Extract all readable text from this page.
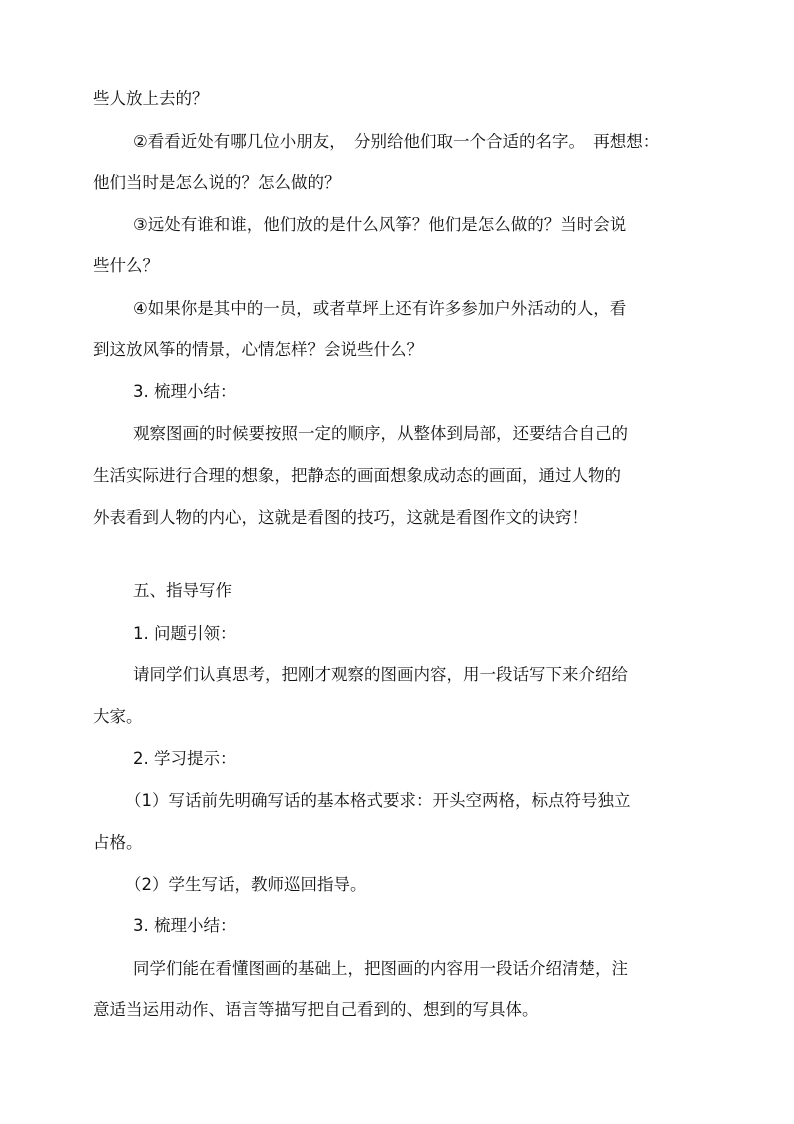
些人放上去的？

②看看近处有哪几位小朋友，　分别给他们取一个合适的名字。　再想想：

他们当时是怎么说的？怎么做的？

③远处有谁和谁，他们放的是什么风筝？他们是怎么做的？当时会说

些什么？

④如果你是其中的一员，或者草坪上还有许多参加户外活动的人，看

到这放风筝的情景，心情怎样？会说些什么？

3. 梳理小结：

观察图画的时候要按照一定的顺序，从整体到局部，还要结合自己的

生活实际进行合理的想象，把静态的画面想象成动态的画面，通过人物的

外表看到人物的内心，这就是看图的技巧，这就是看图作文的诀窍！

五、指导写作

1. 问题引领：

请同学们认真思考，把刚才观察的图画内容，用一段话写下来介绍给

大家。

2. 学习提示：

（1）写话前先明确写话的基本格式要求：开头空两格，标点符号独立

占格。

（2）学生写话，教师巡回指导。

3. 梳理小结：

同学们能在看懂图画的基础上，把图画的内容用一段话介绍清楚，注

意适当运用动作、语言等描写把自己看到的、想到的写具体。
